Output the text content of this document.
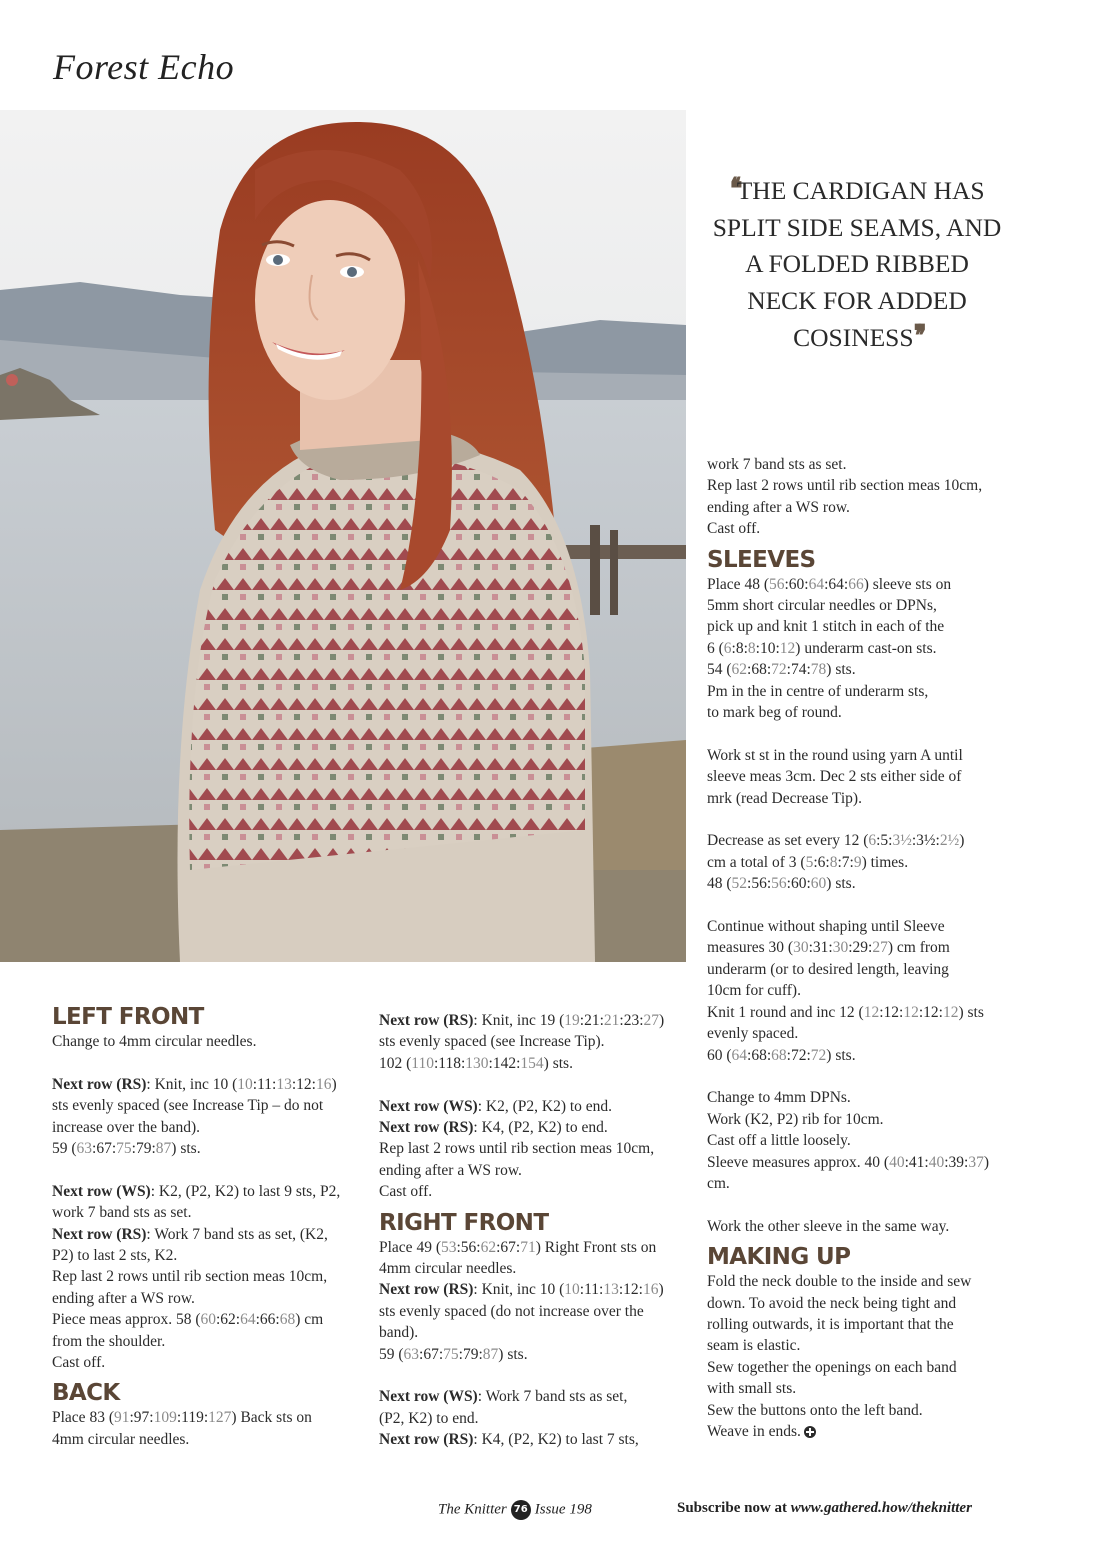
Forest Echo
❛❛THE CARDIGAN HAS SPLIT SIDE SEAMS, AND A FOLDED RIBBED NECK FOR ADDED COSINESS❜❜

LEFT FRONT

Change to 4mm circular needles.

Next row (RS): Knit, inc 10 (10:11:13:12:16)

sts evenly spaced (see Increase Tip – do not

increase over the band).

59 (63:67:75:79:87) sts.

Next row (WS): K2, (P2, K2) to last 9 sts, P2,

work 7 band sts as set.

Next row (RS): Work 7 band sts as set, (K2,

P2) to last 2 sts, K2.

Rep last 2 rows until rib section meas 10cm,

ending after a WS row.

Piece meas approx. 58 (60:62:64:66:68) cm

from the shoulder.

Cast off.

BACK

Place 83 (91:97:109:119:127) Back sts on

4mm circular needles.

Next row (RS): Knit, inc 19 (19:21:21:23:27)

sts evenly spaced (see Increase Tip).

102 (110:118:130:142:154) sts.

Next row (WS): K2, (P2, K2) to end.

Next row (RS): K4, (P2, K2) to end.

Rep last 2 rows until rib section meas 10cm,

ending after a WS row.

Cast off.

RIGHT FRONT

Place 49 (53:56:62:67:71) Right Front sts on

4mm circular needles.

Next row (RS): Knit, inc 10 (10:11:13:12:16)

sts evenly spaced (do not increase over the

band).

59 (63:67:75:79:87) sts.

Next row (WS): Work 7 band sts as set,

(P2, K2) to end.

Next row (RS): K4, (P2, K2) to last 7 sts,

work 7 band sts as set.

Rep last 2 rows until rib section meas 10cm,

ending after a WS row.

Cast off.

SLEEVES

Place 48 (56:60:64:64:66) sleeve sts on

5mm short circular needles or DPNs,

pick up and knit 1 stitch in each of the

6 (6:8:8:10:12) underarm cast-on sts.

54 (62:68:72:74:78) sts.

Pm in the in centre of underarm sts,

to mark beg of round.

Work st st in the round using yarn A until

sleeve meas 3cm. Dec 2 sts either side of

mrk (read Decrease Tip).

Decrease as set every 12 (6:5:3½:3½:2½)

cm a total of 3 (5:6:8:7:9) times.

48 (52:56:56:60:60) sts.

Continue without shaping until Sleeve

measures 30 (30:31:30:29:27) cm from

underarm (or to desired length, leaving

10cm for cuff).

Knit 1 round and inc 12 (12:12:12:12:12) sts

evenly spaced.

60 (64:68:68:72:72) sts.

Change to 4mm DPNs.

Work (K2, P2) rib for 10cm.

Cast off a little loosely.

Sleeve measures approx. 40 (40:41:40:39:37)

cm.

Work the other sleeve in the same way.

MAKING UP

Fold the neck double to the inside and sew

down. To avoid the neck being tight and

rolling outwards, it is important that the

seam is elastic.

Sew together the openings on each band

with small sts.

Sew the buttons onto the left band.

Weave in ends.

The Knitter 76 Issue 198	Subscribe now at www.gathered.how/theknitter
